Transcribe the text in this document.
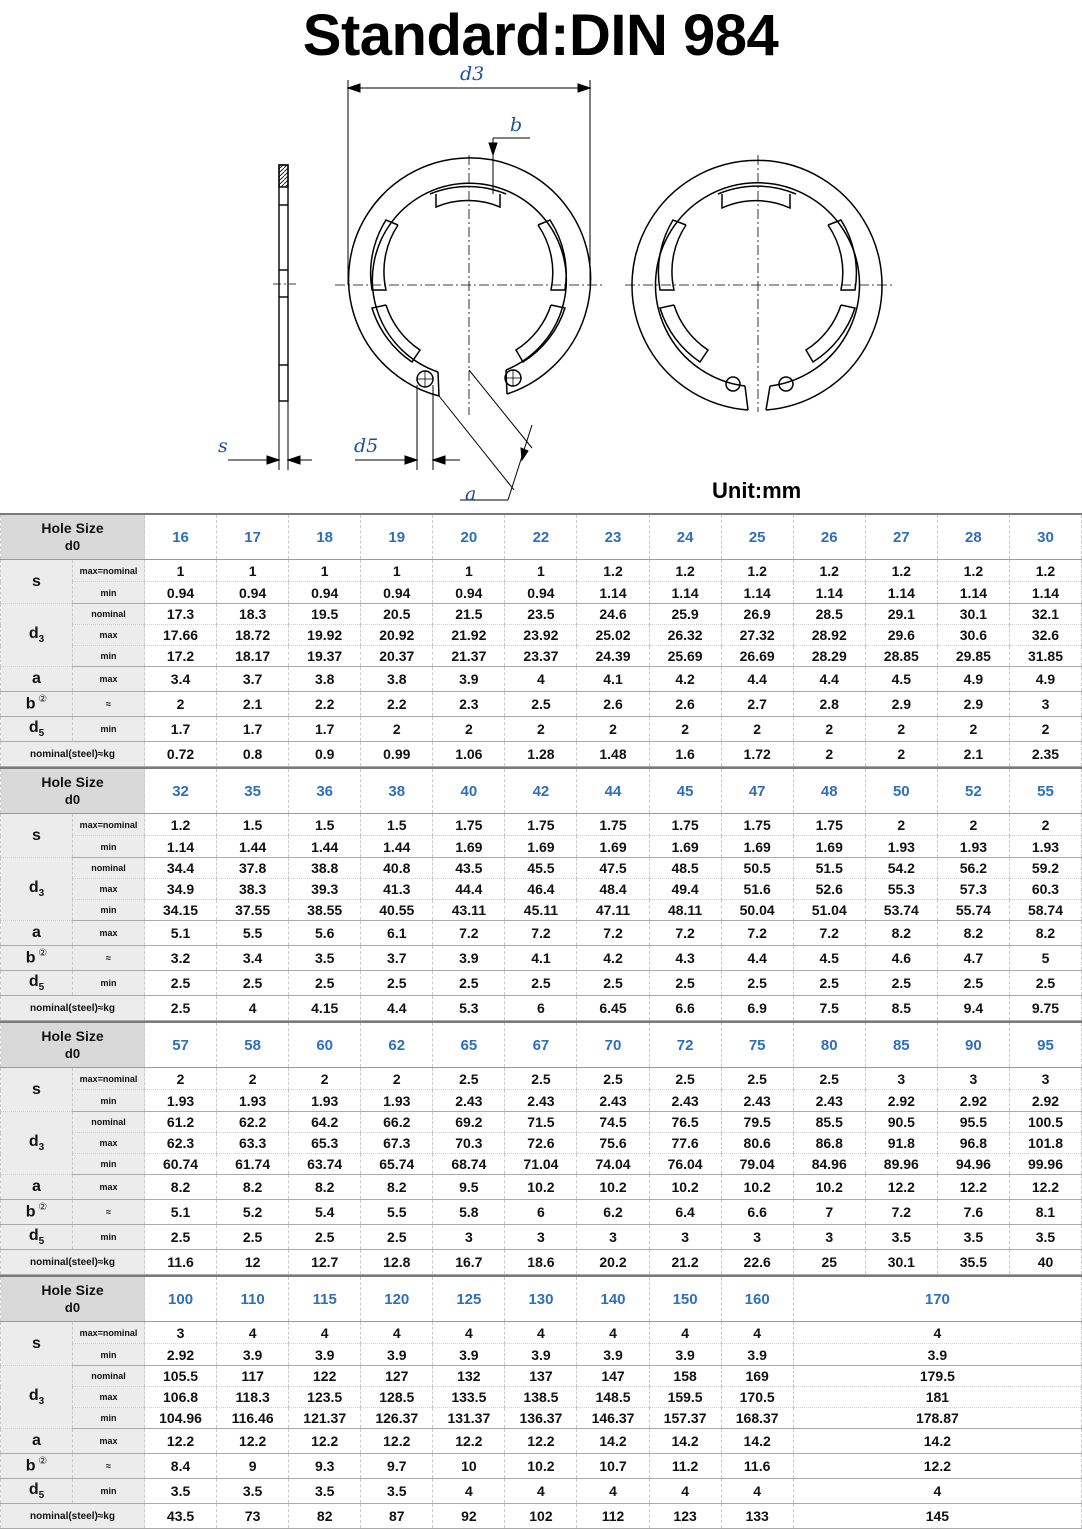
Standard:DIN 984
d3
b
s	d5
a	Unit:mm
Hole Size
d0		16	17	18	19	20	22	23	24	25	26	27	28	30
s	max=nominal	1	1	1	1	1	1	1.2	1.2	1.2	1.2	1.2	1.2	1.2
	min	0.94	0.94	0.94	0.94	0.94	0.94	1.14	1.14	1.14	1.14	1.14	1.14	1.14
$d_3$	nominal	17.3	18.3	19.5	20.5	21.5	23.5	24.6	25.9	26.9	28.5	29.1	30.1	32.1
	max	17.66	18.72	19.92	20.92	21.92	23.92	25.02	26.32	27.32	28.92	29.6	30.6	32.6
	min	17.2	18.17	19.37	20.37	21.37	23.37	24.39	25.69	26.69	28.29	28.85	29.85	31.85
a	max	3.4	3.7	3.8	3.8	3.9	4	4.1	4.2	4.4	4.4	4.5	4.9	4.9
b ②	≈	2	2.1	2.2	2.2	2.3	2.5	2.6	2.6	2.7	2.8	2.9	2.9	3
$d_5$	min	1.7	1.7	1.7	2	2	2	2	2	2	2	2	2	2
nominal(steel)≈kg		0.72	0.8	0.9	0.99	1.06	1.28	1.48	1.6	1.72	2	2	2.1	2.35
Hole Size
d0		32	35	36	38	40	42	44	45	47	48	50	52	55
s	max=nominal	1.2	1.5	1.5	1.5	1.75	1.75	1.75	1.75	1.75	1.75	2	2	2
	min	1.14	1.44	1.44	1.44	1.69	1.69	1.69	1.69	1.69	1.69	1.93	1.93	1.93
$d_3$	nominal	34.4	37.8	38.8	40.8	43.5	45.5	47.5	48.5	50.5	51.5	54.2	56.2	59.2
	max	34.9	38.3	39.3	41.3	44.4	46.4	48.4	49.4	51.6	52.6	55.3	57.3	60.3
	min	34.15	37.55	38.55	40.55	43.11	45.11	47.11	48.11	50.04	51.04	53.74	55.74	58.74
a	max	5.1	5.5	5.6	6.1	7.2	7.2	7.2	7.2	7.2	7.2	8.2	8.2	8.2
b ②	≈	3.2	3.4	3.5	3.7	3.9	4.1	4.2	4.3	4.4	4.5	4.6	4.7	5
$d_5$	min	2.5	2.5	2.5	2.5	2.5	2.5	2.5	2.5	2.5	2.5	2.5	2.5	2.5
nominal(steel)≈kg		2.5	4	4.15	4.4	5.3	6	6.45	6.6	6.9	7.5	8.5	9.4	9.75
Hole Size
d0		57	58	60	62	65	67	70	72	75	80	85	90	95
s	max=nominal	2	2	2	2	2.5	2.5	2.5	2.5	2.5	2.5	3	3	3
	min	1.93	1.93	1.93	1.93	2.43	2.43	2.43	2.43	2.43	2.43	2.92	2.92	2.92
$d_3$	nominal	61.2	62.2	64.2	66.2	69.2	71.5	74.5	76.5	79.5	85.5	90.5	95.5	100.5
	max	62.3	63.3	65.3	67.3	70.3	72.6	75.6	77.6	80.6	86.8	91.8	96.8	101.8
	min	60.74	61.74	63.74	65.74	68.74	71.04	74.04	76.04	79.04	84.96	89.96	94.96	99.96
a	max	8.2	8.2	8.2	8.2	9.5	10.2	10.2	10.2	10.2	10.2	12.2	12.2	12.2
b ②	≈	5.1	5.2	5.4	5.5	5.8	6	6.2	6.4	6.6	7	7.2	7.6	8.1
$d_5$	min	2.5	2.5	2.5	2.5	3	3	3	3	3	3	3.5	3.5	3.5
nominal(steel)≈kg		11.6	12	12.7	12.8	16.7	18.6	20.2	21.2	22.6	25	30.1	35.5	40
Hole Size
d0		100	110	115	120	125	130	140	150	160	170
s	max=nominal	3	4	4	4	4	4	4	4	4	4
	min	2.92	3.9	3.9	3.9	3.9	3.9	3.9	3.9	3.9	3.9
$d_3$	nominal	105.5	117	122	127	132	137	147	158	169	179.5
	max	106.8	118.3	123.5	128.5	133.5	138.5	148.5	159.5	170.5	181
	min	104.96	116.46	121.37	126.37	131.37	136.37	146.37	157.37	168.37	178.87
a	max	12.2	12.2	12.2	12.2	12.2	12.2	14.2	14.2	14.2	14.2
b ②	≈	8.4	9	9.3	9.7	10	10.2	10.7	11.2	11.6	12.2
$d_5$	min	3.5	3.5	3.5	3.5	4	4	4	4	4	4
nominal(steel)≈kg		43.5	73	82	87	92	102	112	123	133	145
